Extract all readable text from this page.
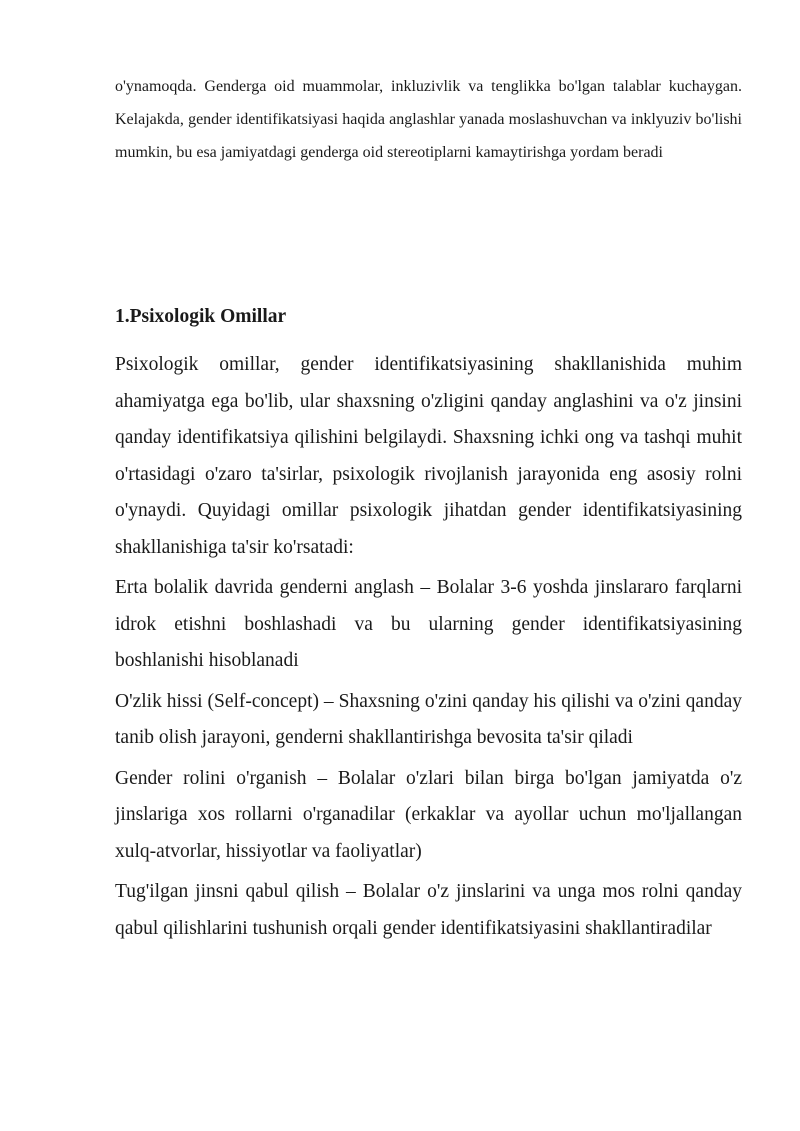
o'ynamoqda. Genderga oid muammolar, inkluzivlik va tenglikka bo'lgan talablar kuchaygan. Kelajakda, gender identifikatsiyasi haqida anglashlar yanada moslashuvchan va inklyuziv bo'lishi mumkin, bu esa jamiyatdagi genderga oid stereotiplarni kamaytirishga yordam beradi

1.Psixologik Omillar

Psixologik omillar, gender identifikatsiyasining shakllanishida muhim ahamiyatga ega bo'lib, ular shaxsning o'zligini qanday anglashini va o'z jinsini qanday identifikatsiya qilishini belgilaydi. Shaxsning ichki ong va tashqi muhit o'rtasidagi o'zaro ta'sirlar, psixologik rivojlanish jarayonida eng asosiy rolni o'ynaydi. Quyidagi omillar psixologik jihatdan gender identifikatsiyasining shakllanishiga ta'sir ko'rsatadi:

Erta bolalik davrida genderni anglash – Bolalar 3-6 yoshda jinslararo farqlarni idrok etishni boshlashadi va bu ularning gender identifikatsiyasining boshlanishi hisoblanadi

O'zlik hissi (Self-concept) – Shaxsning o'zini qanday his qilishi va o'zini qanday tanib olish jarayoni, genderni shakllantirishga bevosita ta'sir qiladi

Gender rolini o'rganish – Bolalar o'zlari bilan birga bo'lgan jamiyatda o'z jinslariga xos rollarni o'rganadilar (erkaklar va ayollar uchun mo'ljallangan xulq-atvorlar, hissiyotlar va faoliyatlar)

Tug'ilgan jinsni qabul qilish – Bolalar o'z jinslarini va unga mos rolni qanday qabul qilishlarini tushunish orqali gender identifikatsiyasini shakllantiradilar
